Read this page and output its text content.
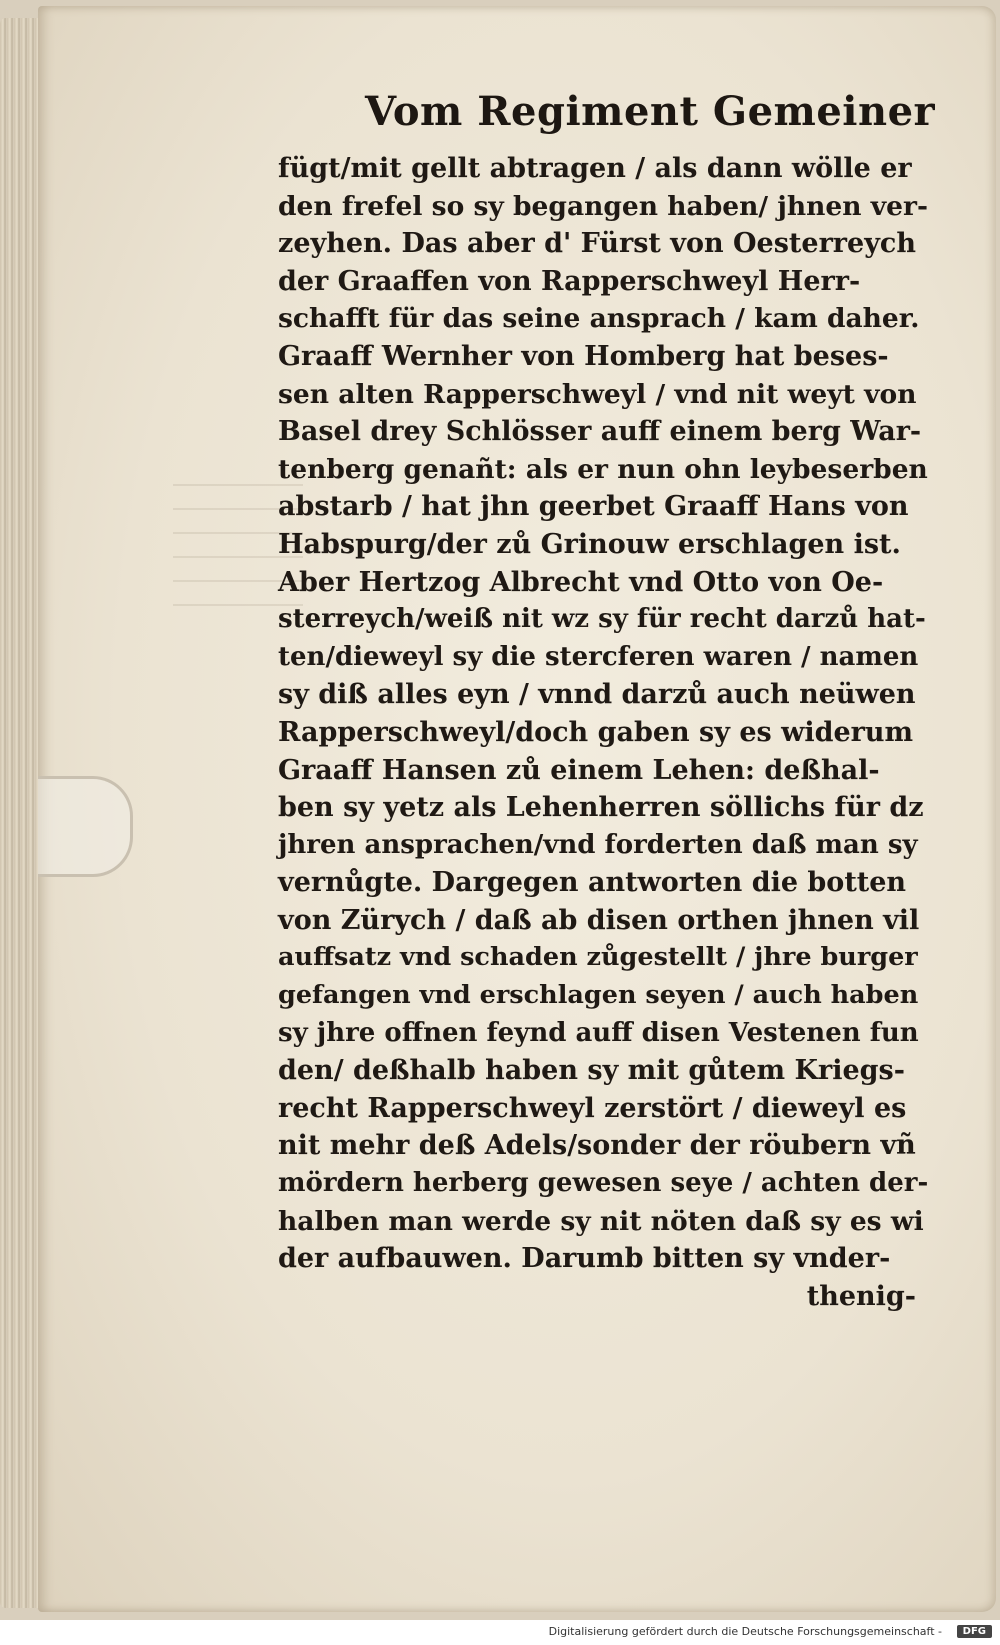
Vom Regiment Gemeiner
fügt/mit gellt abtragen / als dann wölle er
den frefel so sy begangen haben/ jhnen ver-
zeyhen. Das aber d' Fürst von Oesterreych
der Graaffen von Rapperschweyl Herr-
schafft für das seine ansprach / kam daher.
Graaff Wernher von Homberg hat beses-
sen alten Rapperschweyl / vnd nit weyt von
Basel drey Schlösser auff einem berg War-
tenberg genañt: als er nun ohn leybeserben
abstarb / hat jhn geerbet Graaff Hans von
Habspurg/der zů Grinouw erschlagen ist.
Aber Hertzog Albrecht vnd Otto von Oe-
sterreych/weiß nit wz sy für recht darzů hat-
ten/dieweyl sy die stercferen waren / namen
sy diß alles eyn / vnnd darzů auch neüwen
Rapperschweyl/doch gaben sy es widerum
Graaff Hansen zů einem Lehen: deßhal-
ben sy yetz als Lehenherren söllichs für dz
jhren ansprachen/vnd forderten daß man sy
vernůgte. Dargegen antworten die botten
von Zürych / daß ab disen orthen jhnen vil
auffsatz vnd schaden zůgestellt / jhre burger
gefangen vnd erschlagen seyen / auch haben
sy jhre offnen feynd auff disen Vestenen fun
den/ deßhalb haben sy mit gůtem Kriegs-
recht Rapperschweyl zerstört / dieweyl es
nit mehr deß Adels/sonder der röubern vñ
mördern herberg gewesen seye / achten der-
halben man werde sy nit nöten daß sy es wi
der aufbauwen. Darumb bitten sy vnder-
thenig-
Digitalisierung gefördert durch die Deutsche Forschungsgemeinschaft -	DFG
